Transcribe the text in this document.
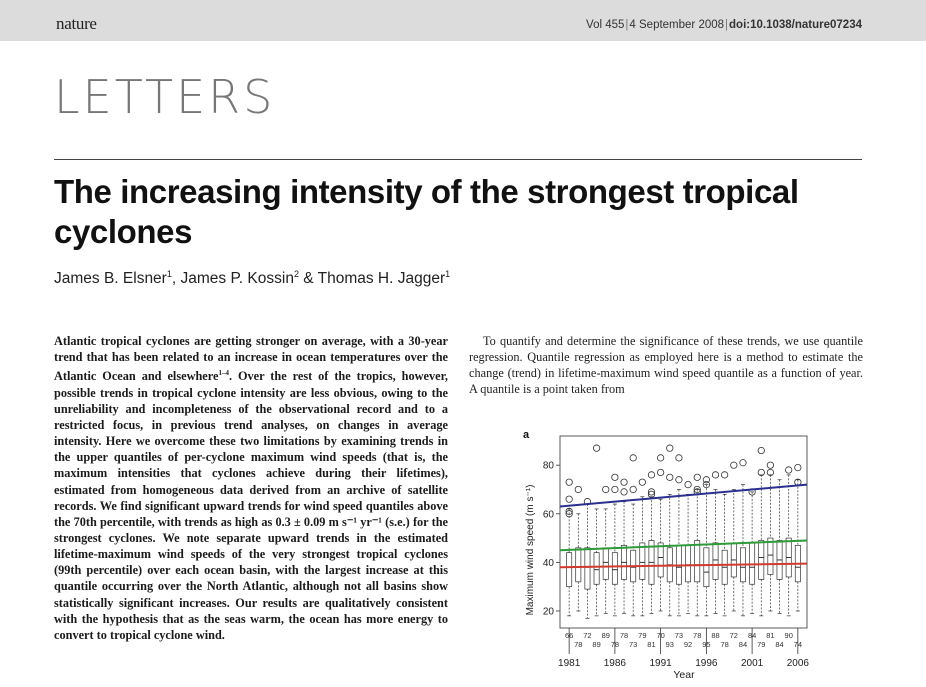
nature	Vol 455|4 September 2008|doi:10.1038/nature07234
LETTERS
The increasing intensity of the strongest tropical cyclones
James B. Elsner$^1$, James P. Kossin$^2$ & Thomas H. Jagger$^1$
Atlantic tropical cyclones are getting stronger on average, with a 30-year trend that has been related to an increase in ocean temperatures over the Atlantic Ocean and elsewhere$^{1-4}$. Over the rest of the tropics, however, possible trends in tropical cyclone intensity are less obvious, owing to the unreliability and incompleteness of the observational record and to a restricted focus, in previous trend analyses, on changes in average intensity. Here we overcome these two limitations by examining trends in the upper quantiles of per-cyclone maximum wind speeds (that is, the maximum intensities that cyclones achieve during their lifetimes), estimated from homogeneous data derived from an archive of satellite records. We find significant upward trends for wind speed quantiles above the 70th percentile, with trends as high as 0.3 ± 0.09 m s⁻¹ yr⁻¹ (s.e.) for the strongest cyclones. We note separate upward trends in the estimated lifetime-maximum wind speeds of the very strongest tropical cyclones (99th percentile) over each ocean basin, with the largest increase at this quantile occurring over the North Atlantic, although not all basins show statistically significant increases. Our results are qualitatively consistent with the hypothesis that as the seas warm, the ocean has more energy to convert to tropical cyclone wind.
To quantify and determine the significance of these trends, we use quantile regression. Quantile regression as employed here is a method to estimate the change (trend) in lifetime-maximum wind speed quantile as a function of year. A quantile is a point taken from
a
20
40
60
80
1981 1986 1991 1996 2001 2006
66
78
72
89
89
78
78
73
79
81
70
93
73
92
78
95
88
78
72
84
84
79
81
84
90
74
Year
Maximum wind speed (m s⁻¹)
